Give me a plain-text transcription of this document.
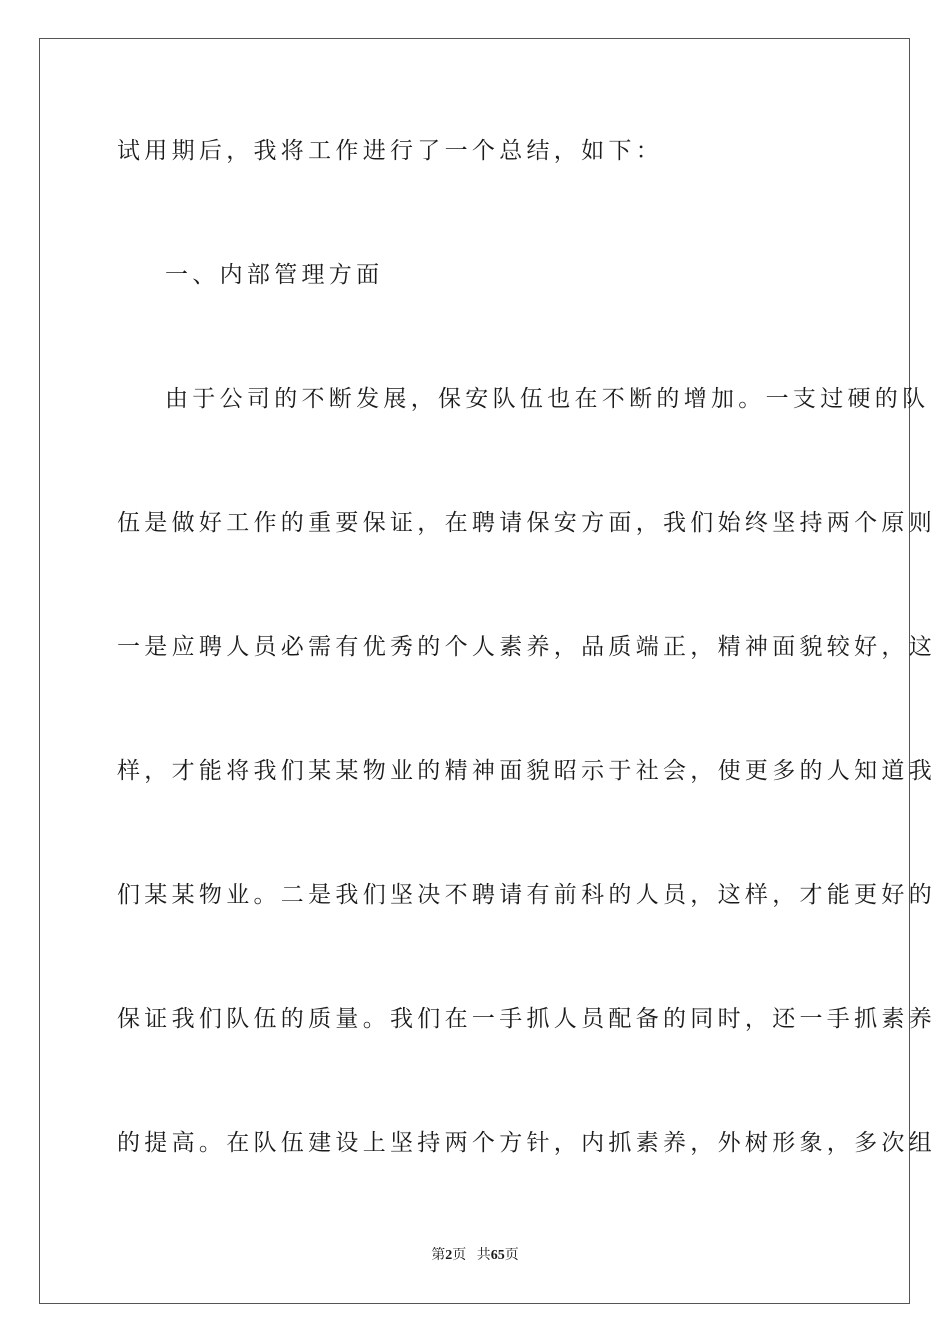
试用期后，我将工作进行了一个总结，如下：
一、内部管理方面
由于公司的不断发展，保安队伍也在不断的增加。一支过硬的队
伍是做好工作的重要保证，在聘请保安方面，我们始终坚持两个原则
一是应聘人员必需有优秀的个人素养，品质端正，精神面貌较好，这
样，才能将我们某某物业的精神面貌昭示于社会，使更多的人知道我
们某某物业。二是我们坚决不聘请有前科的人员，这样，才能更好的
保证我们队伍的质量。我们在一手抓人员配备的同时，还一手抓素养
的提高。在队伍建设上坚持两个方针，内抓素养，外树形象，多次组
第2页 共65页
